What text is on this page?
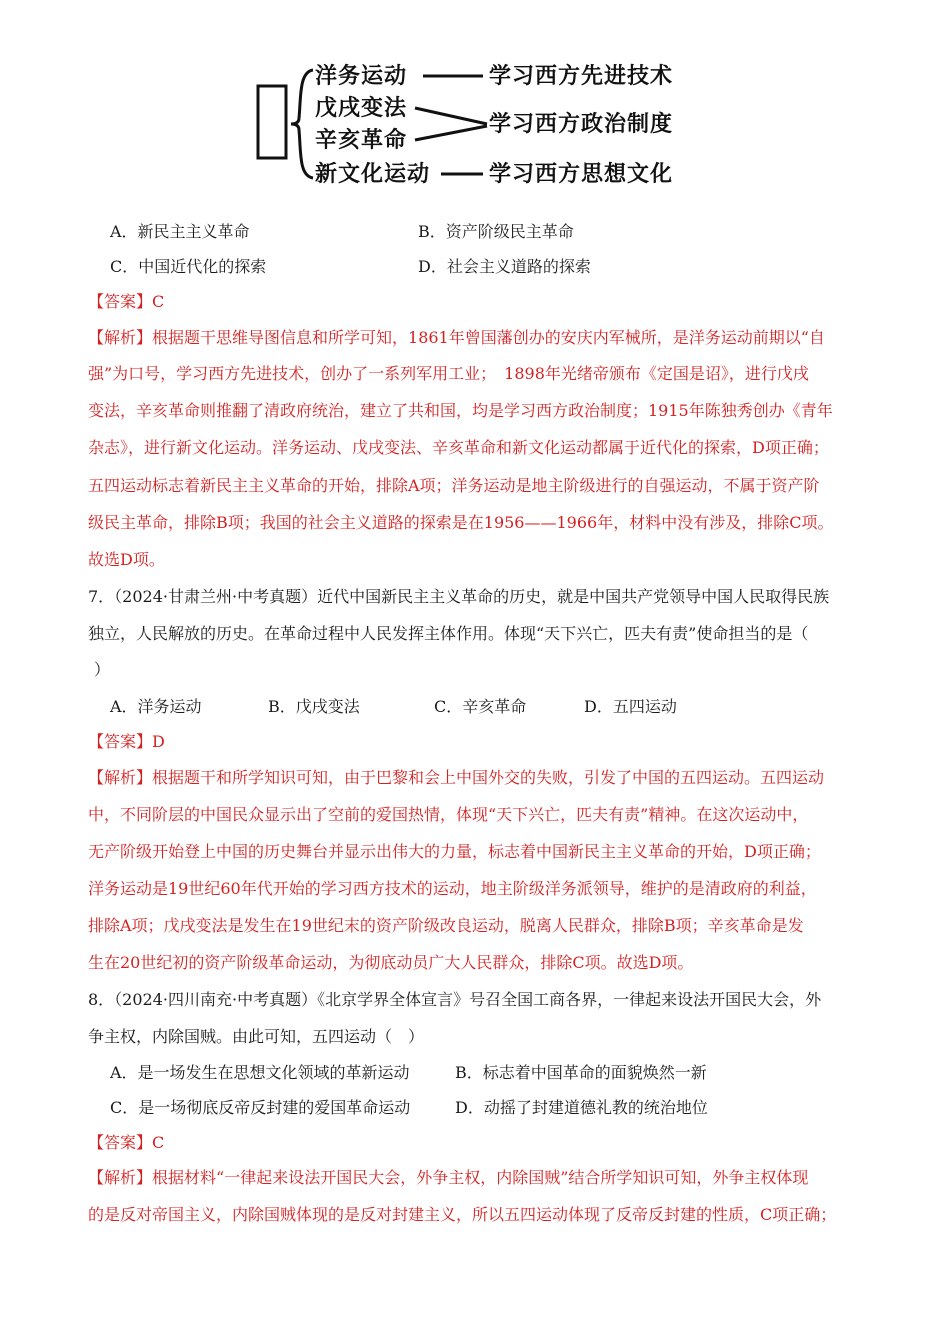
洋务运动
戊戌变法
辛亥革命
新文化运动
学习西方先进技术
学习西方政治制度
学习西方思想文化
A．新民主主义革命	B．资产阶级民主革命
C．中国近代化的探索	D．社会主义道路的探索
【答案】C
【解析】根据题干思维导图信息和所学可知，1861年曾国藩创办的安庆内军械所，是洋务运动前期以“自
强”为口号，学习西方先进技术，创办了一系列军用工业；　1898年光绪帝颁布《定国是诏》，进行戊戌
变法，辛亥革命则推翻了清政府统治，建立了共和国，均是学习西方政治制度；1915年陈独秀创办《青年
杂志》，进行新文化运动。洋务运动、戊戌变法、辛亥革命和新文化运动都属于近代化的探索，D项正确；
五四运动标志着新民主主义革命的开始，排除A项；洋务运动是地主阶级进行的自强运动，不属于资产阶
级民主革命，排除B项；我国的社会主义道路的探索是在1956——1966年，材料中没有涉及，排除C项。
故选D项。
7．（2024·甘肃兰州·中考真题）近代中国新民主主义革命的历史，就是中国共产党领导中国人民取得民族
独立，人民解放的历史。在革命过程中人民发挥主体作用。体现“天下兴亡，匹夫有责”使命担当的是（
）
A．洋务运动	B．戊戌变法	C．辛亥革命	D．五四运动
【答案】D
【解析】根据题干和所学知识可知，由于巴黎和会上中国外交的失败，引发了中国的五四运动。五四运动
中，不同阶层的中国民众显示出了空前的爱国热情，体现“天下兴亡，匹夫有责”精神。在这次运动中，
无产阶级开始登上中国的历史舞台并显示出伟大的力量，标志着中国新民主主义革命的开始，D项正确；
洋务运动是19世纪60年代开始的学习西方技术的运动，地主阶级洋务派领导，维护的是清政府的利益，
排除A项；戊戌变法是发生在19世纪末的资产阶级改良运动，脱离人民群众，排除B项；辛亥革命是发
生在20世纪初的资产阶级革命运动，为彻底动员广大人民群众，排除C项。故选D项。
8．（2024·四川南充·中考真题）《北京学界全体宣言》号召全国工商各界，一律起来设法开国民大会，外
争主权，内除国贼。由此可知，五四运动（　）
A．是一场发生在思想文化领域的革新运动	B．标志着中国革命的面貌焕然一新
C．是一场彻底反帝反封建的爱国革命运动	D．动摇了封建道德礼教的统治地位
【答案】C
【解析】根据材料“一律起来设法开国民大会，外争主权，内除国贼”结合所学知识可知，外争主权体现
的是反对帝国主义，内除国贼体现的是反对封建主义，所以五四运动体现了反帝反封建的性质，C项正确；
